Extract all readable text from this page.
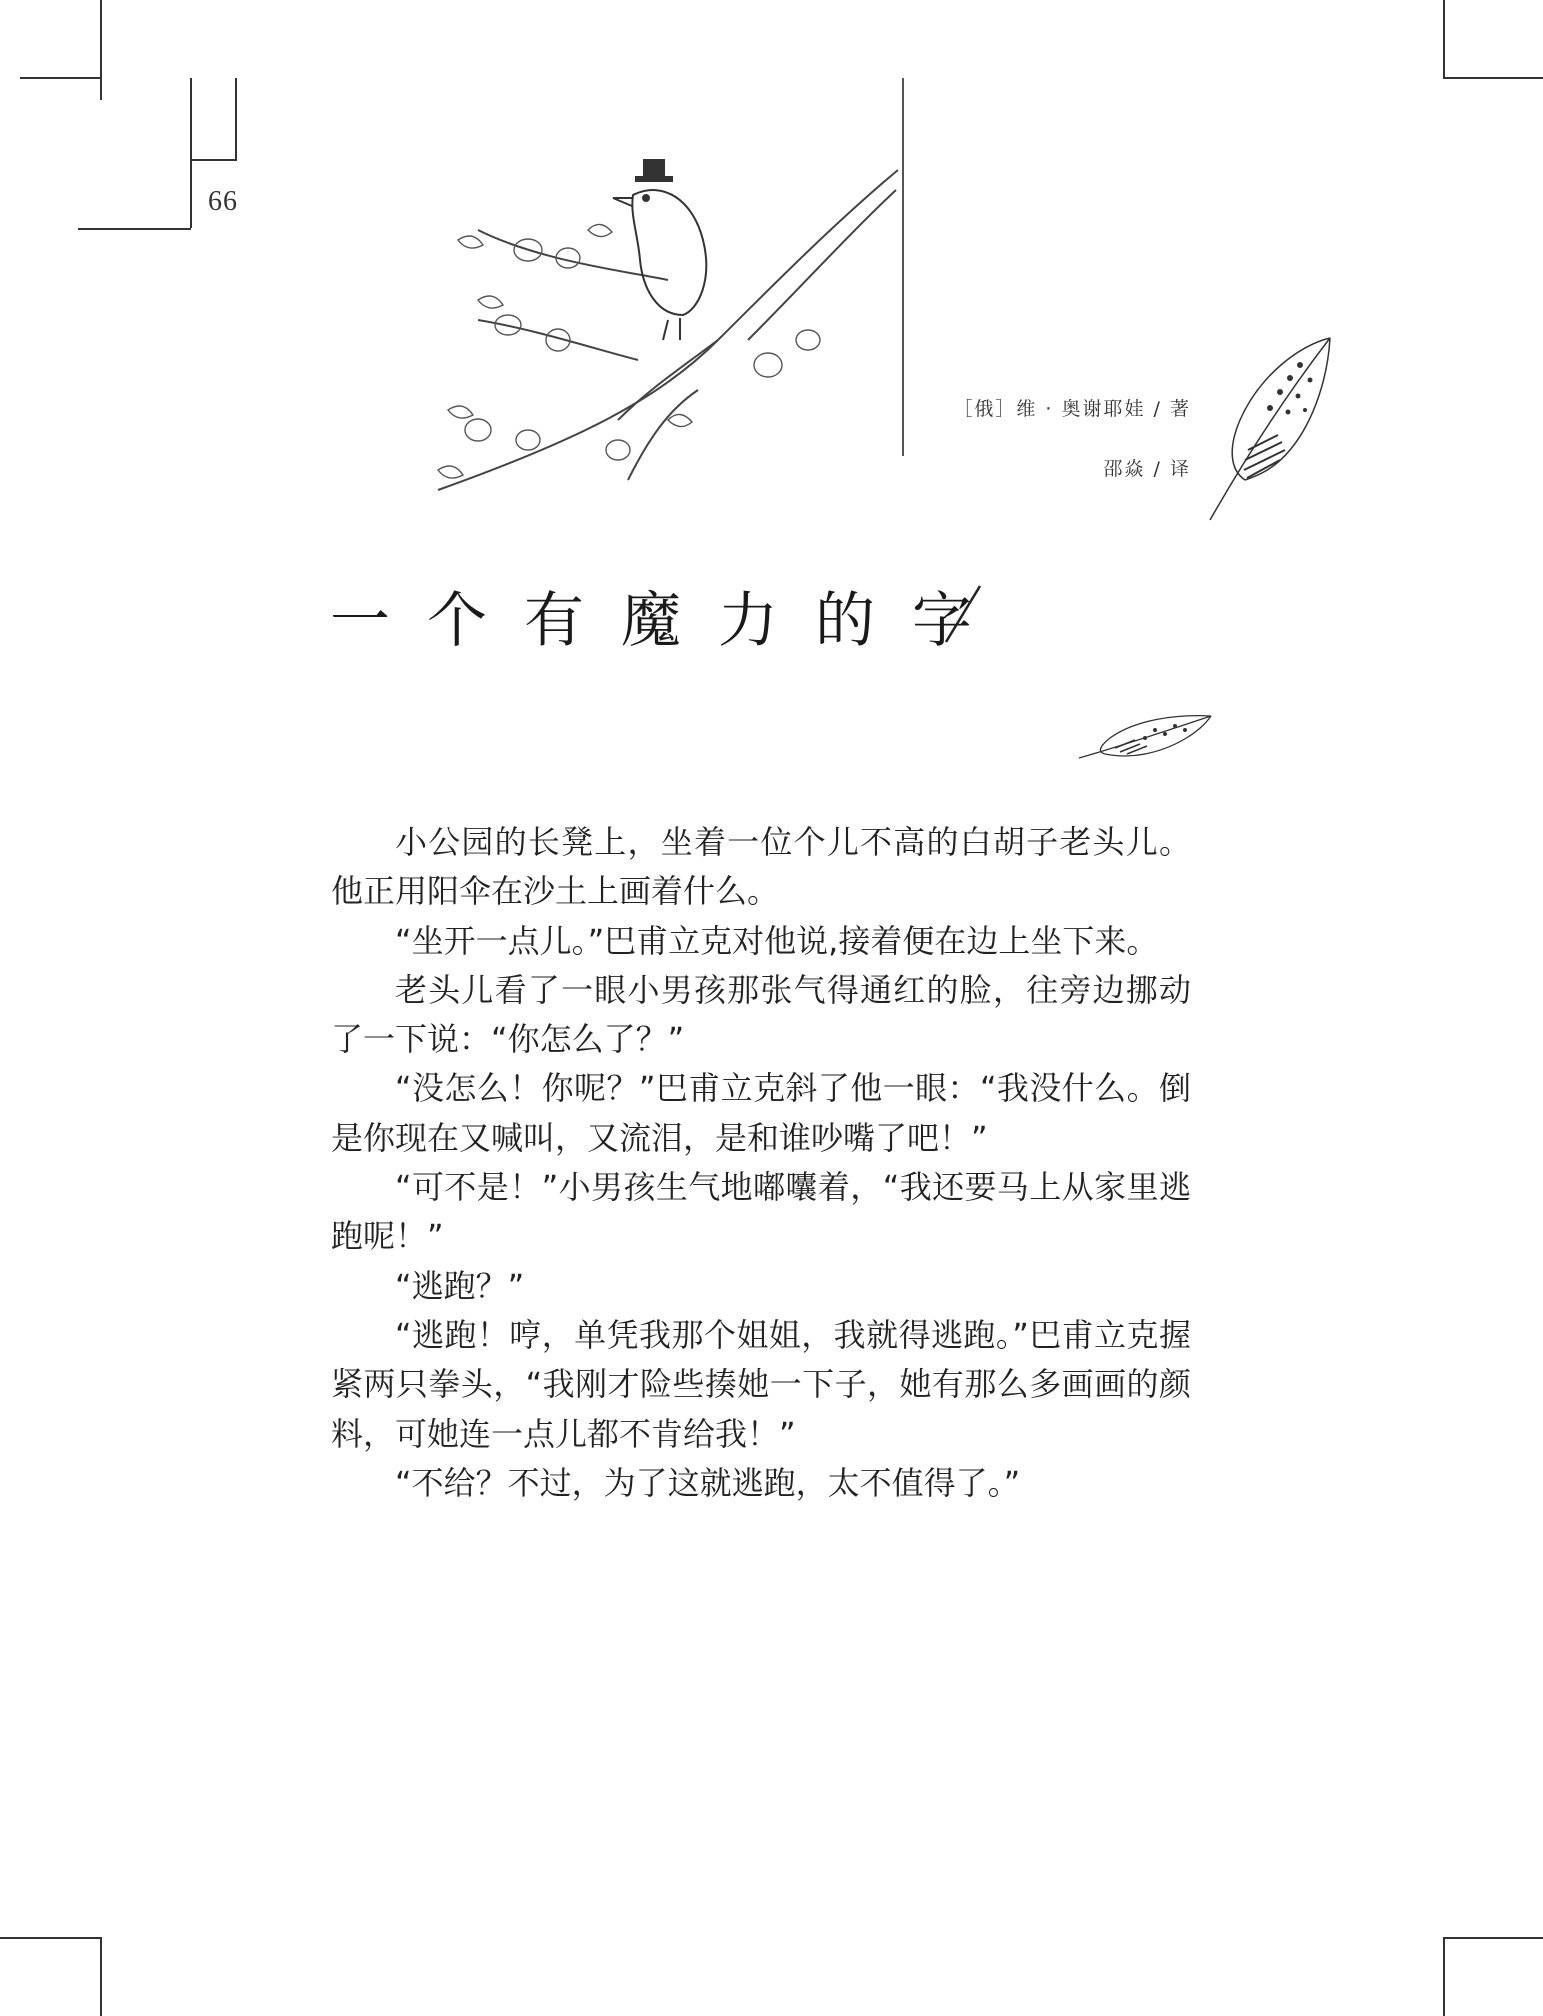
66
［俄］维 · 奥谢耶娃 / 著
邵焱 / 译
一个有魔力的字

小公园的长凳上，坐着一位个儿不高的白胡子老头儿。他正用阳伞在沙土上画着什么。

“坐开一点儿。”巴甫立克对他说,接着便在边上坐下来。

老头儿看了一眼小男孩那张气得通红的脸，往旁边挪动了一下说：“你怎么了？”

“没怎么！你呢？”巴甫立克斜了他一眼：“我没什么。倒是你现在又喊叫，又流泪，是和谁吵嘴了吧！”

“可不是！”小男孩生气地嘟囔着，“我还要马上从家里逃跑呢！”

“逃跑？”

“逃跑！哼，单凭我那个姐姐，我就得逃跑。”巴甫立克握紧两只拳头，“我刚才险些揍她一下子，她有那么多画画的颜料，可她连一点儿都不肯给我！”

“不给？不过，为了这就逃跑，太不值得了。”
